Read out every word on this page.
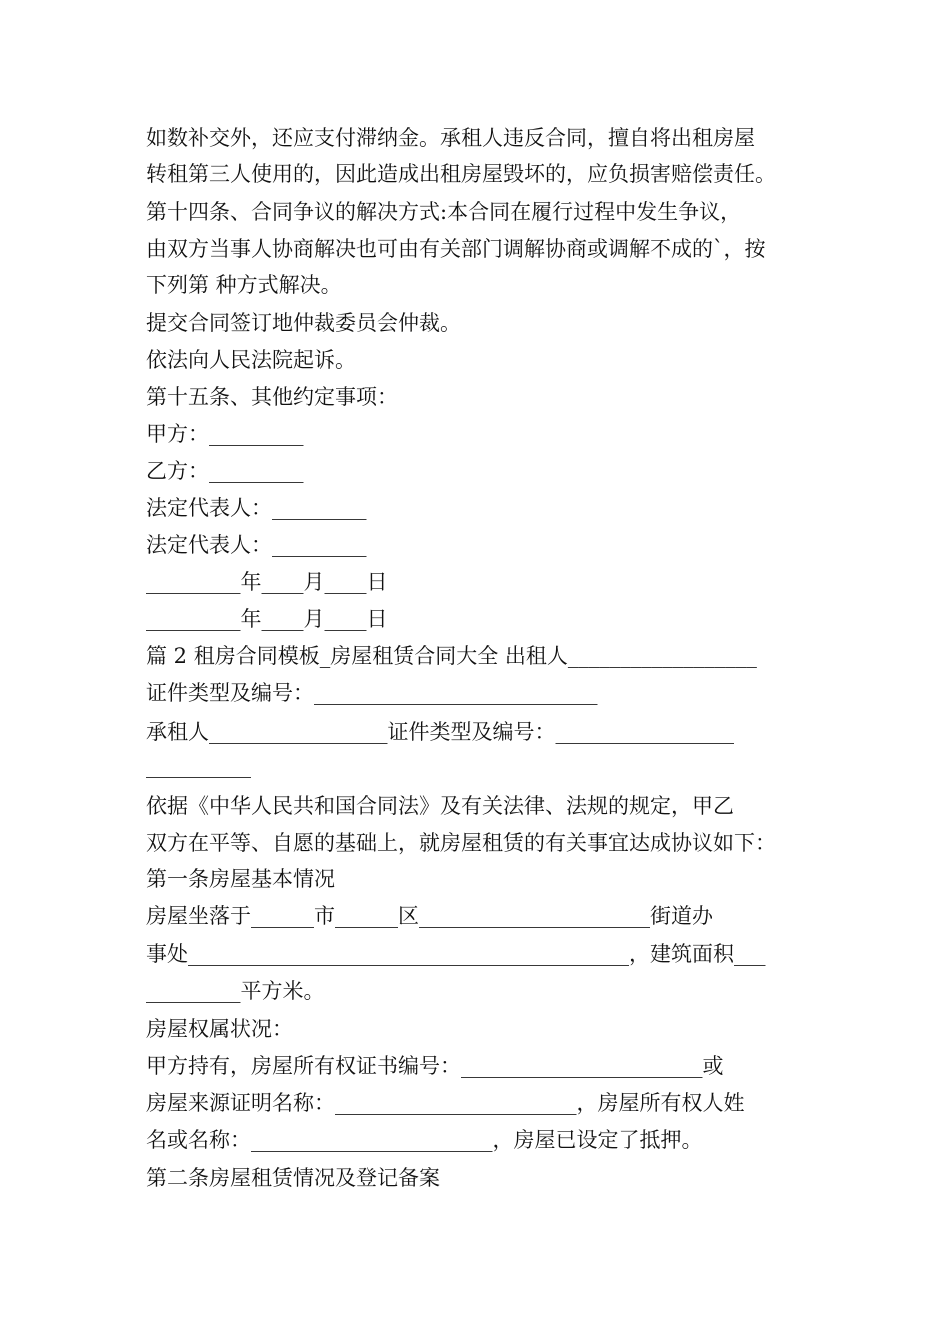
如数补交外，还应支付滞纳金。承租人违反合同，擅自将出租房屋
转租第三人使用的，因此造成出租房屋毁坏的，应负损害赔偿责任。
第十四条、合同争议的解决方式:本合同在履行过程中发生争议，
由双方当事人协商解决也可由有关部门调解协商或调解不成的`，按
下列第 种方式解决。
提交合同签订地仲裁委员会仲裁。
依法向人民法院起诉。
第十五条、其他约定事项：
甲方：_________
乙方：_________
法定代表人：_________
法定代表人：_________
_________年____月____日
_________年____月____日
篇 2 租房合同模板_房屋租赁合同大全 出租人__________________
证件类型及编号：___________________________
承租人_________________证件类型及编号：_________________
__________
依据《中华人民共和国合同法》及有关法律、法规的规定，甲乙
双方在平等、自愿的基础上，就房屋租赁的有关事宜达成协议如下：
第一条房屋基本情况
房屋坐落于______市______区______________________街道办
事处__________________________________________，建筑面积___
_________平方米。
房屋权属状况：
甲方持有，房屋所有权证书编号：_______________________或
房屋来源证明名称：_______________________，房屋所有权人姓
名或名称：_______________________，房屋已设定了抵押。
第二条房屋租赁情况及登记备案
